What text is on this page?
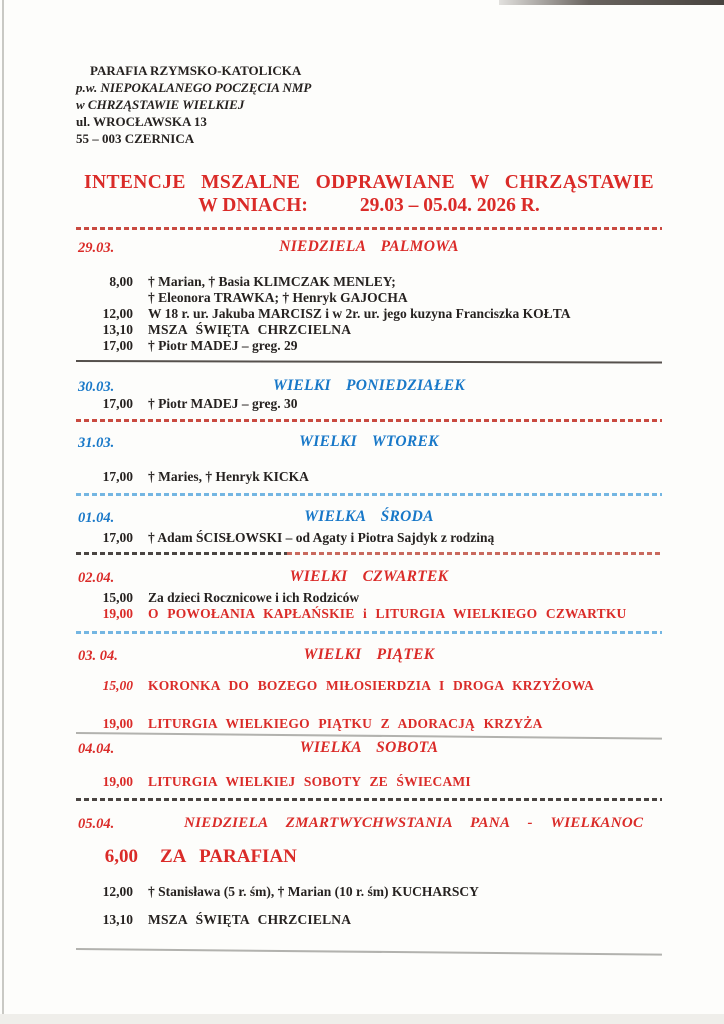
PARAFIA RZYMSKO-KATOLICKA
p.w. NIEPOKALANEGO POCZĘCIA NMP
w CHRZĄSTAWIE WIELKIEJ
ul. WROCŁAWSKA 13
55 – 003 CZERNICA
INTENCJE MSZALNE ODPRAWIANE W CHRZĄSTAWIE
W DNIACH:	29.03 – 05.04. 2026 R.
29.03.	NIEDZIELA PALMOWA
8,00 † Marian, † Basia KLIMCZAK MENLEY;
† Eleonora TRAWKA; † Henryk GAJOCHA
12,00 W 18 r. ur. Jakuba MARCISZ i w 2r. ur. jego kuzyna Franciszka KOŁTA
13,10 MSZA ŚWIĘTA CHRZCIELNA
17,00 † Piotr MADEJ – greg. 29
30.03.	WIELKI PONIEDZIAŁEK
17,00 † Piotr MADEJ – greg. 30
31.03.	WIELKI WTOREK
17,00 † Maries, † Henryk KICKA
01.04.	WIELKA ŚRODA
17,00 † Adam ŚCISŁOWSKI – od Agaty i Piotra Sajdyk z rodziną
02.04.	WIELKI CZWARTEK
15,00 Za dzieci Rocznicowe i ich Rodziców
19,00 O POWOŁANIA KAPŁAŃSKIE i LITURGIA WIELKIEGO CZWARTKU
03. 04.	WIELKI PIĄTEK
15,00 KORONKA DO BOZEGO MIŁOSIERDZIA I DROGA KRZYŻOWA
19,00 LITURGIA WIELKIEGO PIĄTKU Z ADORACJĄ KRZYŻA
04.04.	WIELKA SOBOTA
19,00 LITURGIA WIELKIEJ SOBOTY ZE ŚWIECAMI
05.04.	NIEDZIELA ZMARTWYCHWSTANIA PANA - WIELKANOC
6,00 ZA PARAFIAN
12,00 † Stanisława (5 r. śm), † Marian (10 r. śm) KUCHARSCY
13,10 MSZA ŚWIĘTA CHRZCIELNA
